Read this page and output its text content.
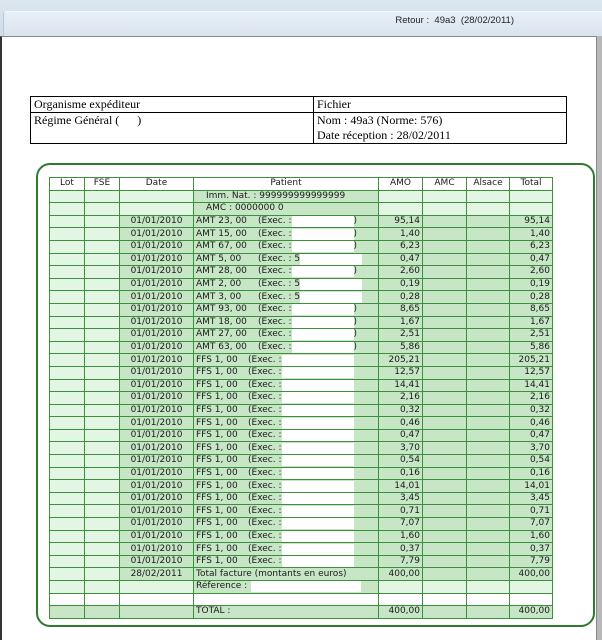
Retour : 49a3  (28/02/2011)
Organisme expéditeur	Fichier
Régime Général (      )	Nom : 49a3 (Norme: 576)
Date réception : 28/02/2011
Lot	FSE	Date	Patient	AMO	AMC	Alsace	Total
			Imm. Nat. : 999999999999999				
			AMC : 0000000 0				
		01/01/2010	AMT 23, 00 (Exec. : )	95,14			95,14
		01/01/2010	AMT 15, 00 (Exec. : )	1,40			1,40
		01/01/2010	AMT 67, 00 (Exec. : )	6,23			6,23
		01/01/2010	AMT 5, 00 (Exec. : 5	0,47			0,47
		01/01/2010	AMT 28, 00 (Exec. : )	2,60			2,60
		01/01/2010	AMT 2, 00 (Exec. : 5	0,19			0,19
		01/01/2010	AMT 3, 00 (Exec. : 5	0,28			0,28
		01/01/2010	AMT 93, 00 (Exec. : )	8,65			8,65
		01/01/2010	AMT 18, 00 (Exec. : )	1,67			1,67
		01/01/2010	AMT 27, 00 (Exec. : )	2,51			2,51
		01/01/2010	AMT 63, 00 (Exec. : )	5,86			5,86
		01/01/2010	FFS 1, 00 (Exec. :	205,21			205,21
		01/01/2010	FFS 1, 00 (Exec. :	12,57			12,57
		01/01/2010	FFS 1, 00 (Exec. :	14,41			14,41
		01/01/2010	FFS 1, 00 (Exec. :	2,16			2,16
		01/01/2010	FFS 1, 00 (Exec. :	0,32			0,32
		01/01/2010	FFS 1, 00 (Exec. :	0,46			0,46
		01/01/2010	FFS 1, 00 (Exec. :	0,47			0,47
		01/01/2010	FFS 1, 00 (Exec. :	3,70			3,70
		01/01/2010	FFS 1, 00 (Exec. :	0,54			0,54
		01/01/2010	FFS 1, 00 (Exec. :	0,16			0,16
		01/01/2010	FFS 1, 00 (Exec. :	14,01			14,01
		01/01/2010	FFS 1, 00 (Exec. :	3,45			3,45
		01/01/2010	FFS 1, 00 (Exec. :	0,71			0,71
		01/01/2010	FFS 1, 00 (Exec. :	7,07			7,07
		01/01/2010	FFS 1, 00 (Exec. :	1,60			1,60
		01/01/2010	FFS 1, 00 (Exec. :	0,37			0,37
		01/01/2010	FFS 1, 00 (Exec. :	7,79			7,79
		28/02/2011	Total facture (montants en euros)	400,00			400,00
			Réference :				

			TOTAL :	400,00			400,00
